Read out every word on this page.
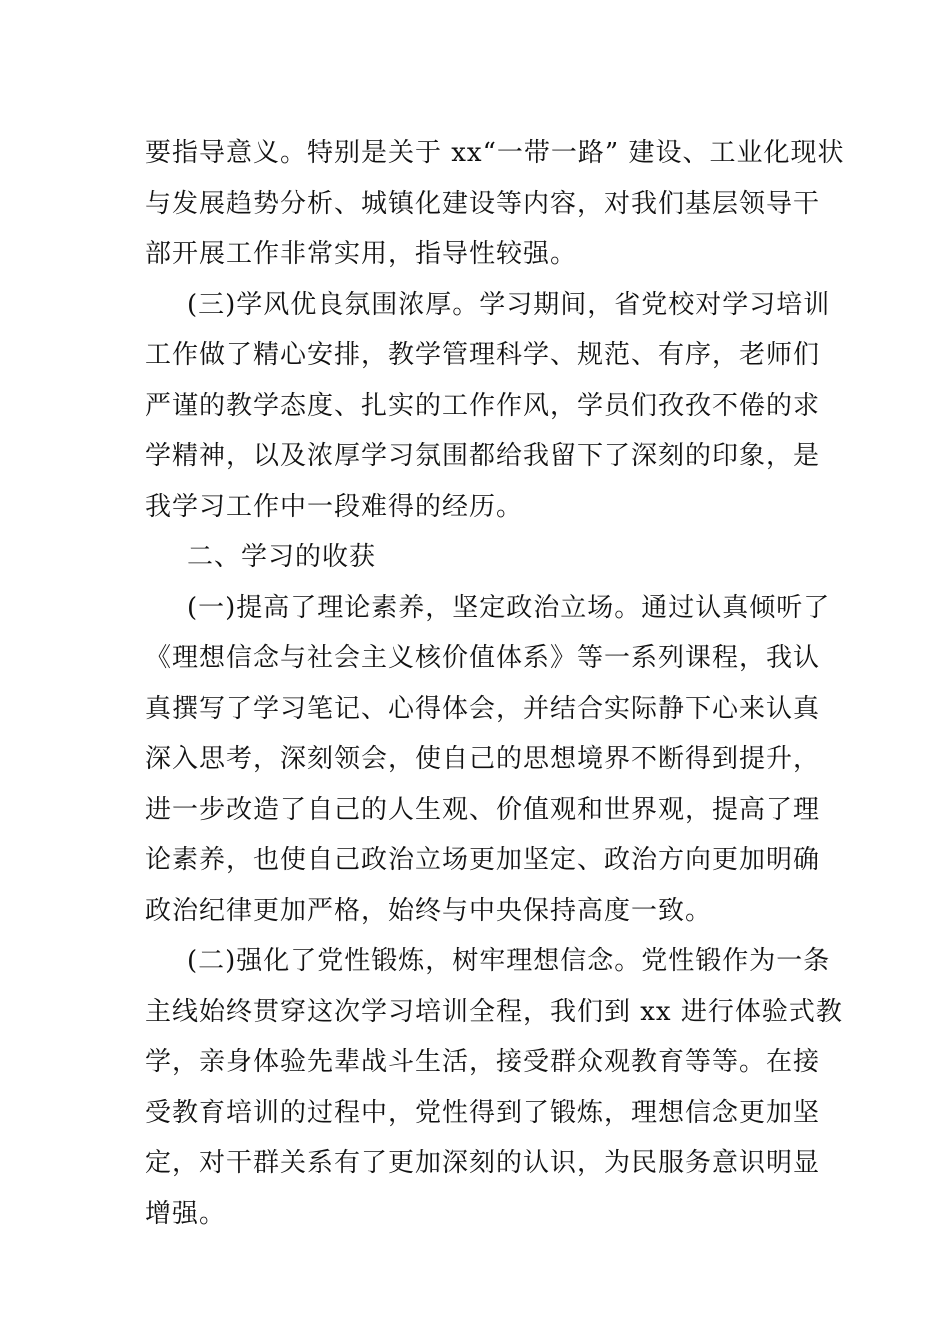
要指导意义。特别是关于 xx“一带一路” 建设、工业化现状
与发展趋势分析、城镇化建设等内容，对我们基层领导干
部开展工作非常实用，指导性较强。
(三)学风优良氛围浓厚。学习期间，省党校对学习培训
工作做了精心安排，教学管理科学、规范、有序，老师们
严谨的教学态度、扎实的工作作风，学员们孜孜不倦的求
学精神，以及浓厚学习氛围都给我留下了深刻的印象，是
我学习工作中一段难得的经历。
二、学习的收获
(一)提高了理论素养，坚定政治立场。通过认真倾听了
《理想信念与社会主义核价值体系》等一系列课程，我认
真撰写了学习笔记、心得体会，并结合实际静下心来认真
深入思考，深刻领会，使自己的思想境界不断得到提升，
进一步改造了自己的人生观、价值观和世界观，提高了理
论素养，也使自己政治立场更加坚定、政治方向更加明确
政治纪律更加严格，始终与中央保持高度一致。
(二)强化了党性锻炼，树牢理想信念。党性锻作为一条
主线始终贯穿这次学习培训全程，我们到 xx 进行体验式教
学，亲身体验先辈战斗生活，接受群众观教育等等。在接
受教育培训的过程中，党性得到了锻炼，理想信念更加坚
定，对干群关系有了更加深刻的认识，为民服务意识明显
增强。
